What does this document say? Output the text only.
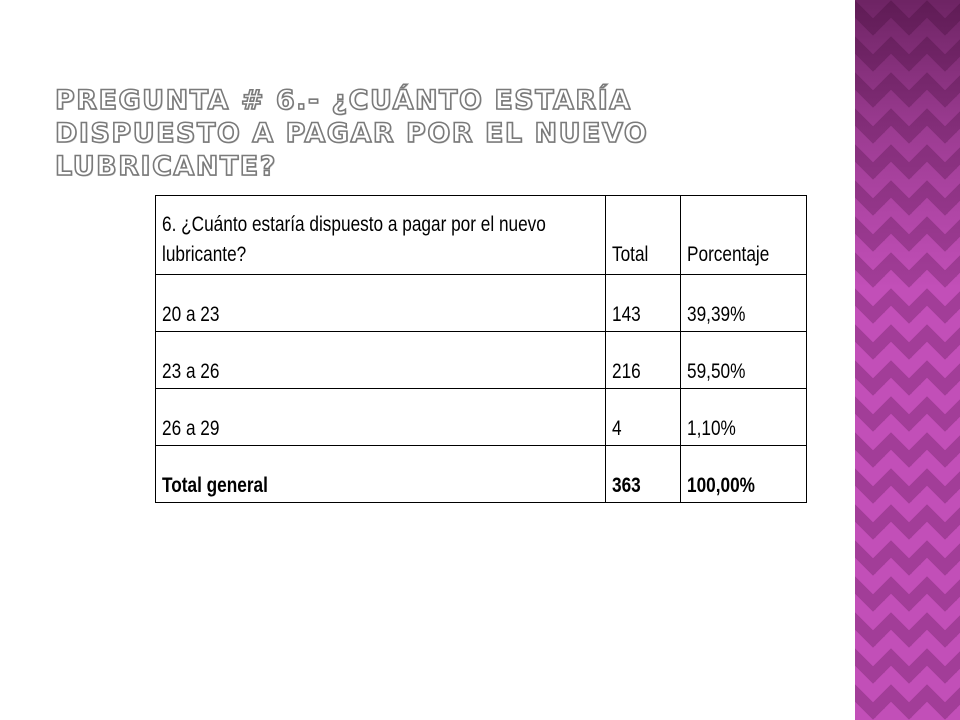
PREGUNTA # 6.- ¿CUÁNTO ESTARÍA DISPUESTO A PAGAR POR EL NUEVO LUBRICANTE?
6. ¿Cuánto estaría dispuesto a pagar por el nuevo lubricante?	Total	Porcentaje
20 a 23	143	39,39%
23 a 26	216	59,50%
26 a 29	4	1,10%
Total general	363	100,00%
